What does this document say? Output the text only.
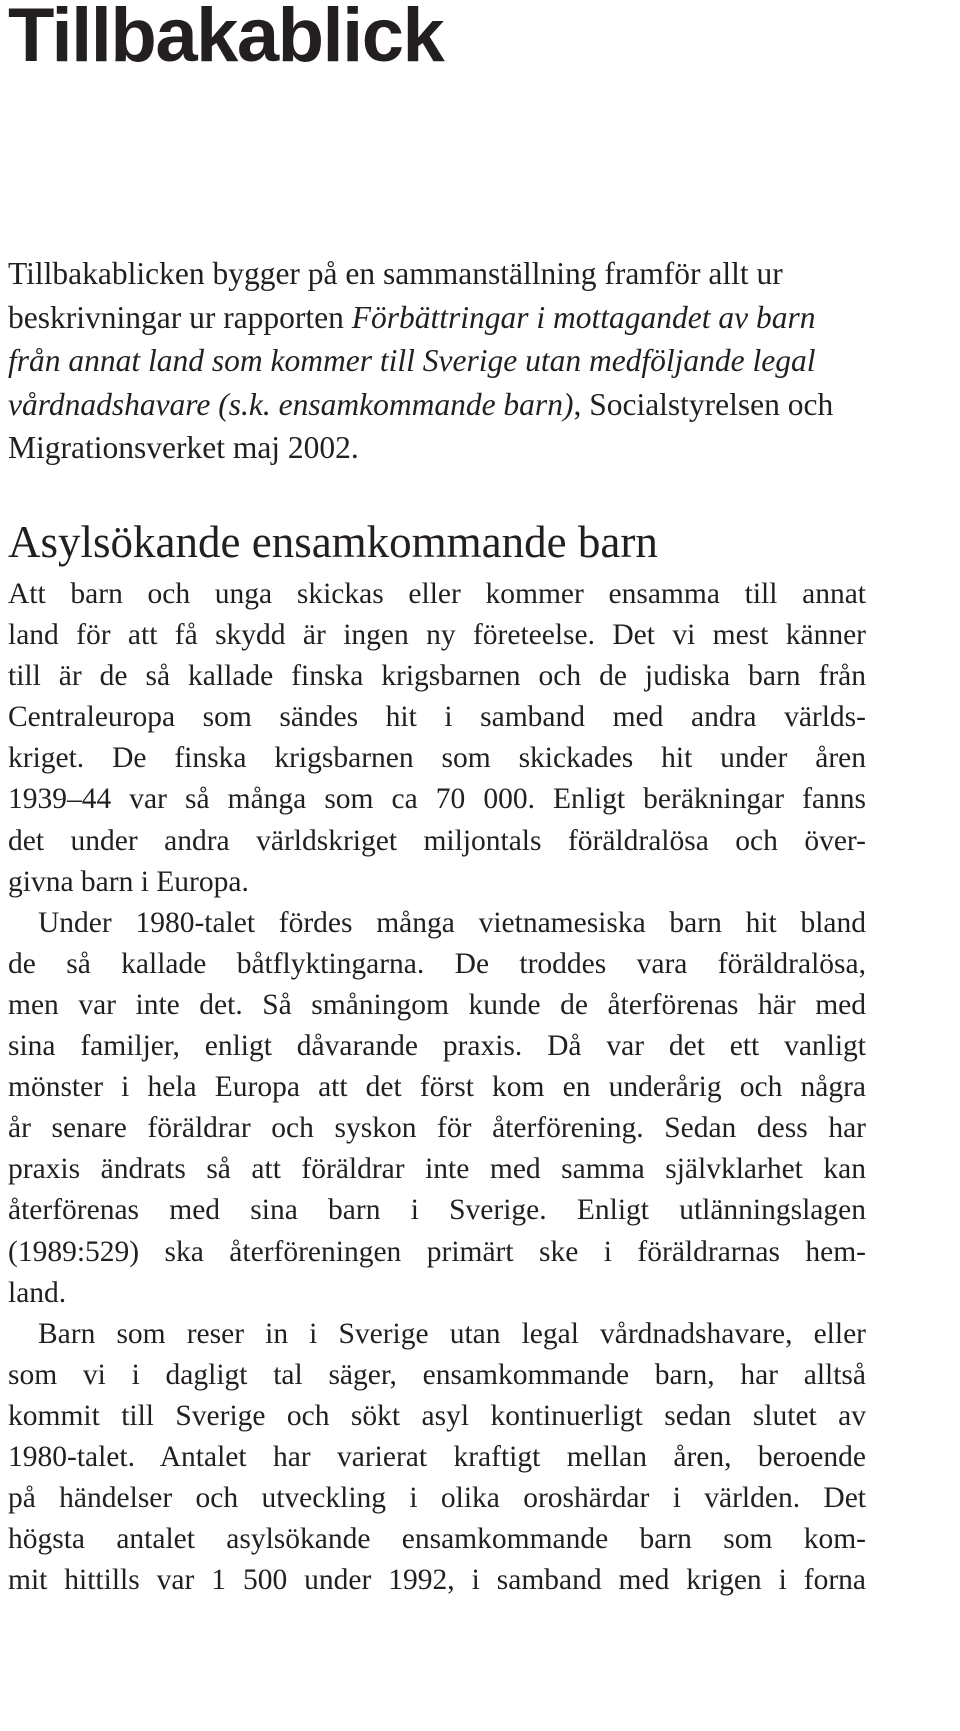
Tillbakablick

Tillbakablicken bygger på en sammanställning framför allt ur
beskrivningar ur rapporten Förbättringar i mottagandet av barn
från annat land som kommer till Sverige utan medföljande legal
vårdnadshavare (s.k. ensamkommande barn), Socialstyrelsen och
Migrationsverket maj 2002.

Asylsökande ensamkommande barn

Att barn och unga skickas eller kommer ensamma till annat
land för att få skydd är ingen ny företeelse. Det vi mest känner
till är de så kallade finska krigsbarnen och de judiska barn från
Centraleuropa som sändes hit i samband med andra världs-
kriget. De finska krigsbarnen som skickades hit under åren
1939–44 var så många som ca 70 000. Enligt beräkningar fanns
det under andra världskriget miljontals föräldralösa och över-
givna barn i Europa.
Under 1980-talet fördes många vietnamesiska barn hit bland
de så kallade båtflyktingarna. De troddes vara föräldralösa,
men var inte det. Så småningom kunde de återförenas här med
sina familjer, enligt dåvarande praxis. Då var det ett vanligt
mönster i hela Europa att det först kom en underårig och några
år senare föräldrar och syskon för återförening. Sedan dess har
praxis ändrats så att föräldrar inte med samma självklarhet kan
återförenas med sina barn i Sverige. Enligt utlänningslagen
(1989:529) ska återföreningen primärt ske i föräldrarnas hem-
land.
Barn som reser in i Sverige utan legal vårdnadshavare, eller
som vi i dagligt tal säger, ensamkommande barn, har alltså
kommit till Sverige och sökt asyl kontinuerligt sedan slutet av
1980-talet. Antalet har varierat kraftigt mellan åren, beroende
på händelser och utveckling i olika oroshärdar i världen. Det
högsta antalet asylsökande ensamkommande barn som kom-
mit hittills var 1 500 under 1992, i samband med krigen i forna
